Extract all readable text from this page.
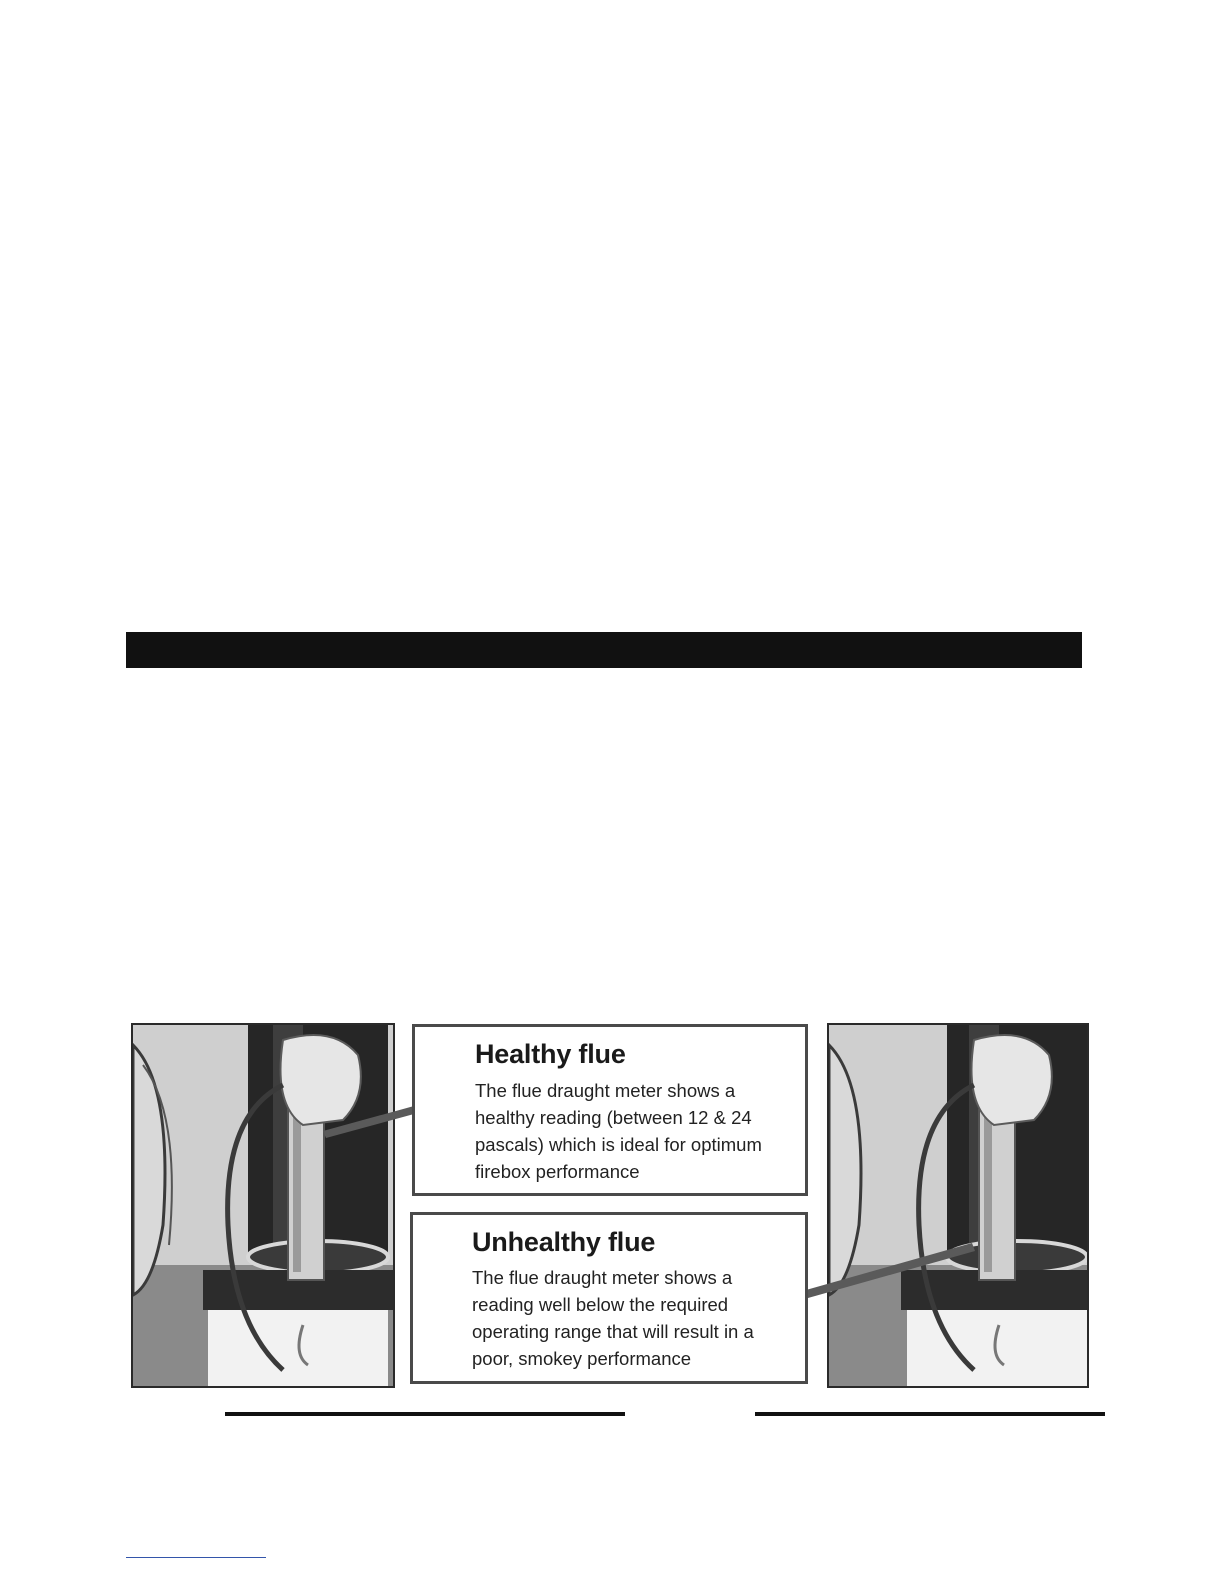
Healthy flue

The flue draught meter shows a healthy reading (between 12 & 24 pascals) which is ideal for optimum firebox performance

Unhealthy flue

The flue draught meter shows a reading well below the required operating range that will result in a poor, smokey performance
